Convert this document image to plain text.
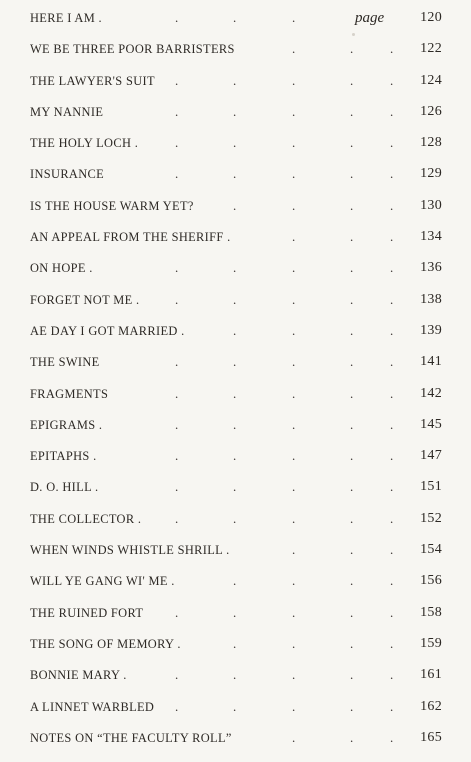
HERE I AM .	.	.	.	page	120
WE BE THREE POOR BARRISTERS	.	.	. 122
THE LAWYER'S SUIT .	.	.	.	. 124
MY NANNIE	.	.	.	.	. 126
THE HOLY LOCH .	.	.	.	.	. 128
INSURANCE	.	.	.	.	. 129
IS THE HOUSE WARM YET?	.	.	.	. 130
AN APPEAL FROM THE SHERIFF .	.	.	. 134
ON HOPE .	.	.	.	.	. 136
FORGET NOT ME .	.	.	.	.	. 138
AE DAY I GOT MARRIED .	.	.	.	. 139
THE SWINE	.	.	.	.	. 141
FRAGMENTS	.	.	.	.	. 142
EPIGRAMS .	.	.	.	.	. 145
EPITAPHS .	.	.	.	.	. 147
D. O. HILL .	.	.	.	.	. 151
THE COLLECTOR .	.	.	.	.	. 152
WHEN WINDS WHISTLE SHRILL .	.	.	. 154
WILL YE GANG WI' ME .	.	.	.	. 156
THE RUINED FORT .	.	.	.	. 158
THE SONG OF MEMORY .	.	.	.	. 159
BONNIE MARY .	.	.	.	.	. 161
A LINNET WARBLED .	.	.	.	. 162
NOTES ON “THE FACULTY ROLL”	.	.	. 165
